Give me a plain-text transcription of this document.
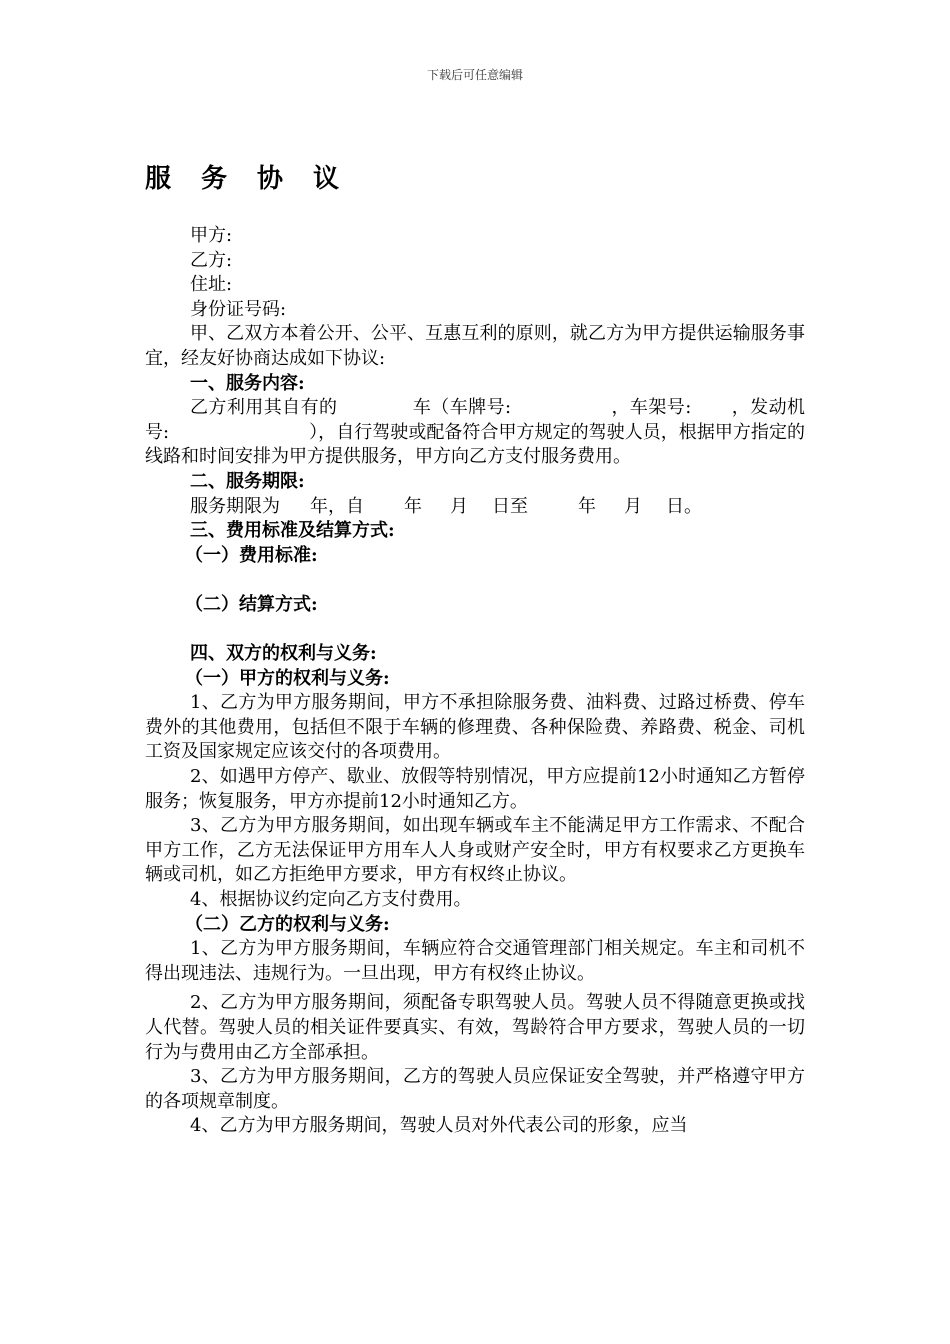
下载后可任意编辑
服务协议

甲方:

乙方:

住址:

身份证号码:

甲、乙双方本着公开、公平、互惠互利的原则，就乙方为甲方提供运输服务事宜，经友好协商达成如下协议:

一、服务内容:

乙方利用其自有的	车（车牌号:	，车架号: ，发动机号:	），自行驾驶或配备符合甲方规定的驾驶人员，根据甲方指定的线路和时间安排为甲方提供服务，甲方向乙方支付服务费用。

二、服务期限:

服务期限为 年，自 年 月 日至	年 月 日。

三、费用标准及结算方式:

（一）费用标准:

（二）结算方式:

四、双方的权利与义务:

（一）甲方的权利与义务:

1、乙方为甲方服务期间，甲方不承担除服务费、油料费、过路过桥费、停车费外的其他费用，包括但不限于车辆的修理费、各种保险费、养路费、税金、司机工资及国家规定应该交付的各项费用。

2、如遇甲方停产、歇业、放假等特别情况，甲方应提前12小时通知乙方暂停服务；恢复服务，甲方亦提前12小时通知乙方。

3、乙方为甲方服务期间，如出现车辆或车主不能满足甲方工作需求、不配合甲方工作，乙方无法保证甲方用车人人身或财产安全时，甲方有权要求乙方更换车辆或司机，如乙方拒绝甲方要求，甲方有权终止协议。

4、根据协议约定向乙方支付费用。

（二）乙方的权利与义务:

1、乙方为甲方服务期间，车辆应符合交通管理部门相关规定。车主和司机不得出现违法、违规行为。一旦出现，甲方有权终止协议。

2、乙方为甲方服务期间，须配备专职驾驶人员。驾驶人员不得随意更换或找人代替。驾驶人员的相关证件要真实、有效，驾龄符合甲方要求，驾驶人员的一切行为与费用由乙方全部承担。

3、乙方为甲方服务期间，乙方的驾驶人员应保证安全驾驶，并严格遵守甲方的各项规章制度。

4、乙方为甲方服务期间，驾驶人员对外代表公司的形象，应当
